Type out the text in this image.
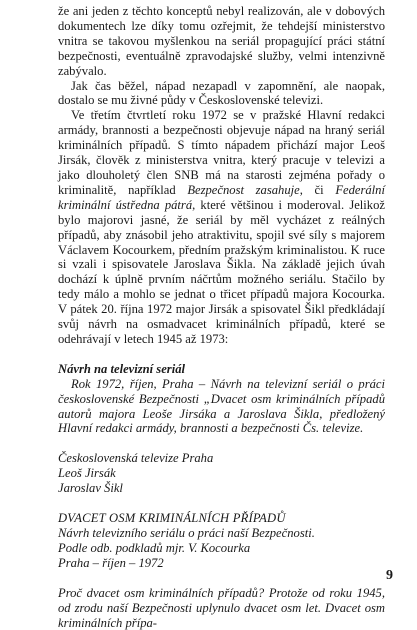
že ani jeden z těchto konceptů nebyl realizován, ale v dobových dokumentech lze díky tomu ozřejmit, že tehdejší ministerstvo vnitra se takovou myšlenkou na seriál propagující práci státní bezpečnosti, eventuálně zpravodajské služby, velmi intenzivně zabývalo.

Jak čas běžel, nápad nezapadl v zapomnění, ale naopak, dostalo se mu živné půdy v Československé televizi.

Ve třetím čtvrtletí roku 1972 se v pražské Hlavní redakci armády, brannosti a bezpečnosti objevuje nápad na hraný seriál kriminálních případů. S tímto nápadem přichází major Leoš Jirsák, člověk z ministerstva vnitra, který pracuje v televizi a jako dlouholetý člen SNB má na starosti zejména pořady o kriminalitě, například Bezpečnost zasahuje, či Federální kriminální ústředna pátrá, které většinou i moderoval. Jelikož bylo majorovi jasné, že seriál by měl vycházet z reálných případů, aby znásobil jeho atraktivitu, spojil své síly s majorem Václavem Kocourkem, předním pražským kriminalistou. K ruce si vzali i spisovatele Jaroslava Šikla. Na základě jejich úvah dochází k úplně prvním náčrtům možného seriálu. Stačilo by tedy málo a mohlo se jednat o třicet případů majora Kocourka. V pátek 20. října 1972 major Jirsák a spisovatel Šikl předkládají svůj návrh na osmadvacet kriminálních případů, které se odehrávají v letech 1945 až 1973:

Návrh na televizní seriál

Rok 1972, říjen, Praha – Návrh na televizní seriál o práci československé Bezpečnosti „Dvacet osm kriminálních případů autorů majora Leoše Jirsáka a Jaroslava Šikla, předložený Hlavní redakci armády, brannosti a bezpečnosti Čs. televize.

Československá televize Praha
Leoš Jirsák
Jaroslav Šikl
DVACET OSM KRIMINÁLNÍCH PŘÍPADŮ
Návrh televizního seriálu o práci naší Bezpečnosti.
Podle odb. podkladů mjr. V. Kocourka
Praha – říjen – 1972

Proč dvacet osm kriminálních případů? Protože od roku 1945, od zrodu naší Bezpečnosti uplynulo dvacet osm let. Dvacet osm kriminálních přípa-

9
